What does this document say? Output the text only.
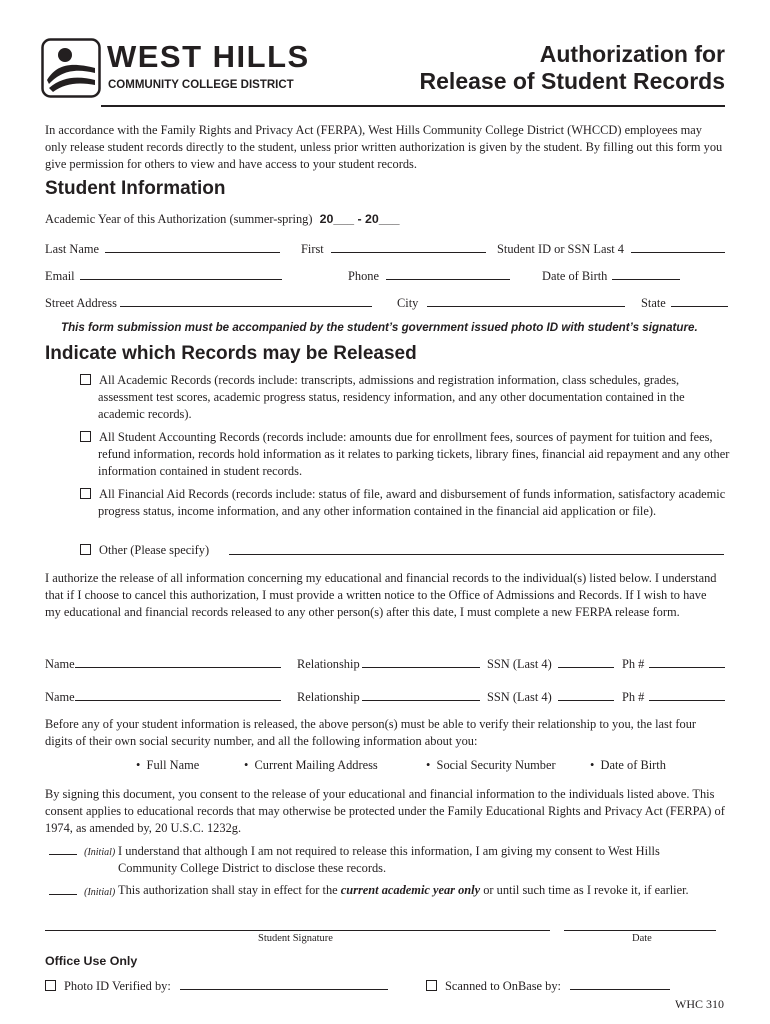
WEST HILLS
COMMUNITY COLLEGE DISTRICT
Authorization for
Release of Student Records
In accordance with the Family Rights and Privacy Act (FERPA), West Hills Community College District (WHCCD) employees may only release student records directly to the student, unless prior written authorization is given by the student. By filling out this form you give permission for others to view and have access to your student records.
Student Information
Academic Year of this Authorization (summer-spring) 20___ - 20___
Last Name	First	Student ID or SSN Last 4
Email	Phone	Date of Birth
Street Address	City	State
This form submission must be accompanied by the student’s government issued photo ID with student’s signature.
Indicate which Records may be Released
All Academic Records (records include: transcripts, admissions and registration information, class schedules, grades, assessment test scores, academic progress status, residency information, and any other documentation contained in the academic records).
All Student Accounting Records (records include: amounts due for enrollment fees, sources of payment for tuition and fees, refund information, records hold information as it relates to parking tickets, library fines, financial aid repayment and any other information contained in student records.
All Financial Aid Records (records include: status of file, award and disbursement of funds information, satisfactory academic progress status, income information, and any other information contained in the financial aid application or file).
Other (Please specify)
I authorize the release of all information concerning my educational and financial records to the individual(s) listed below. I understand that if I choose to cancel this authorization, I must provide a written notice to the Office of Admissions and Records. If I wish to have my educational and financial records released to any other person(s) after this date, I must complete a new FERPA release form.
Name	Relationship	SSN (Last 4)	Ph #
Name	Relationship	SSN (Last 4)	Ph #
Before any of your student information is released, the above person(s) must be able to verify their relationship to you, the last four digits of their own social security number, and all the following information about you:
•  Full Name	•  Current Mailing Address	•  Social Security Number	•  Date of Birth
By signing this document, you consent to the release of your educational and financial information to the individuals listed above. This consent applies to educational records that may otherwise be protected under the Family Educational Rights and Privacy Act (FERPA) of 1974, as amended by, 20 U.S.C. 1232g.
(Initial) I understand that although I am not required to release this information, I am giving my consent to West Hills Community College District to disclose these records.
(Initial) This authorization shall stay in effect for the current academic year only or until such time as I revoke it, if earlier.
Student Signature	Date
Office Use Only
Photo ID Verified by:	Scanned to OnBase by:
WHC 310
